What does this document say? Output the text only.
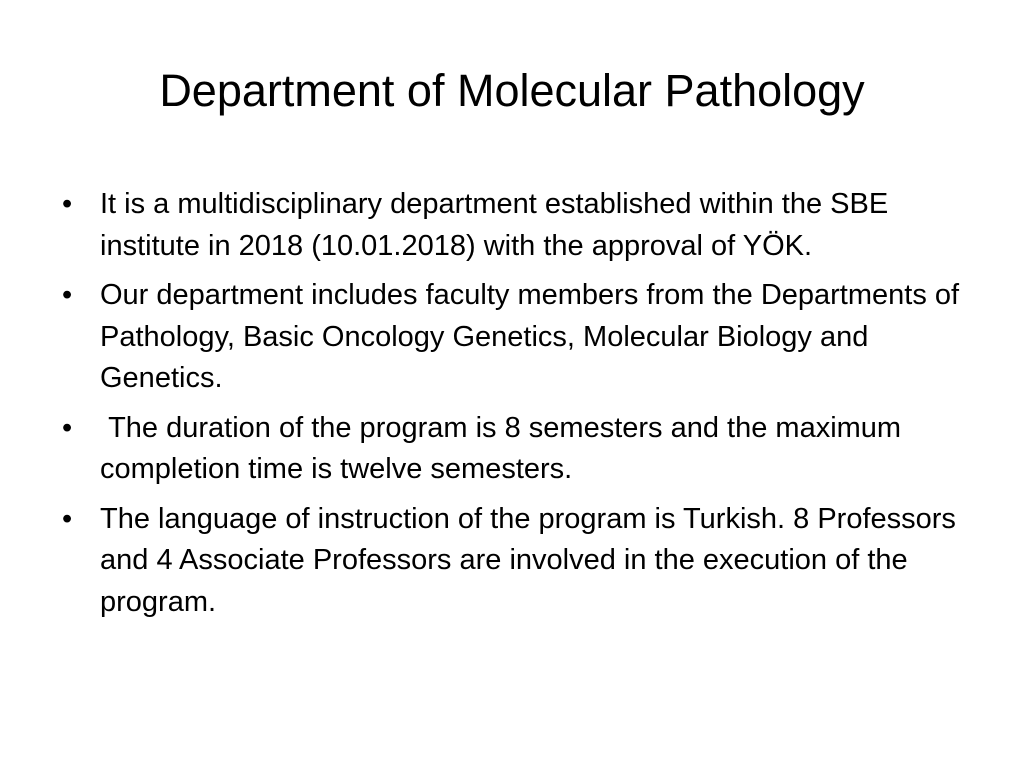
Department of Molecular Pathology
• It is a multidisciplinary department established within the SBE institute in 2018 (10.01.2018) with the approval of YÖK.
• Our department includes faculty members from the Departments of Pathology, Basic Oncology Genetics, Molecular Biology and Genetics.
• The duration of the program is 8 semesters and the maximum completion time is twelve semesters.
• The language of instruction of the program is Turkish. 8 Professors and 4 Associate Professors are involved in the execution of the program.
